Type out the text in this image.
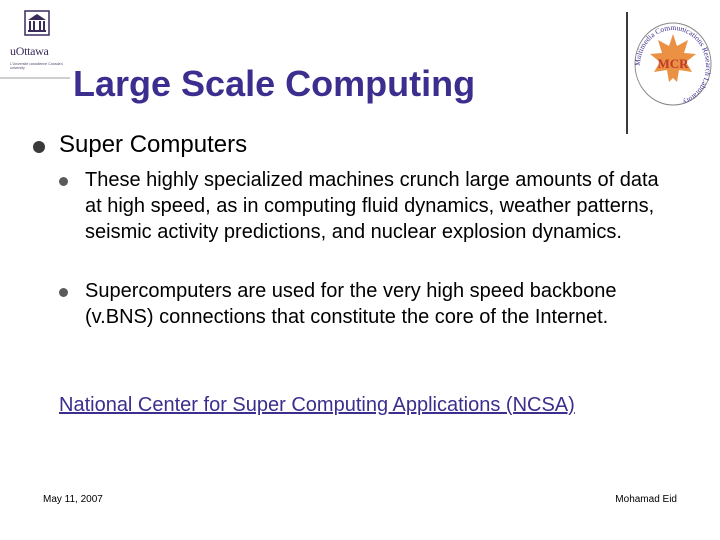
uOttawa
L'Université canadienne Canada's university	Large Scale Computing
Multimedia Communications Research Laboratory
MCR
Super Computers
These highly specialized machines crunch large amounts of data at high speed, as in computing fluid dynamics, weather patterns, seismic activity predictions, and nuclear explosion dynamics.
Supercomputers are used for the very high speed backbone (v.BNS) connections that constitute the core of the Internet.
National Center for Super Computing Applications (NCSA)
May 11, 2007	Mohamad Eid
